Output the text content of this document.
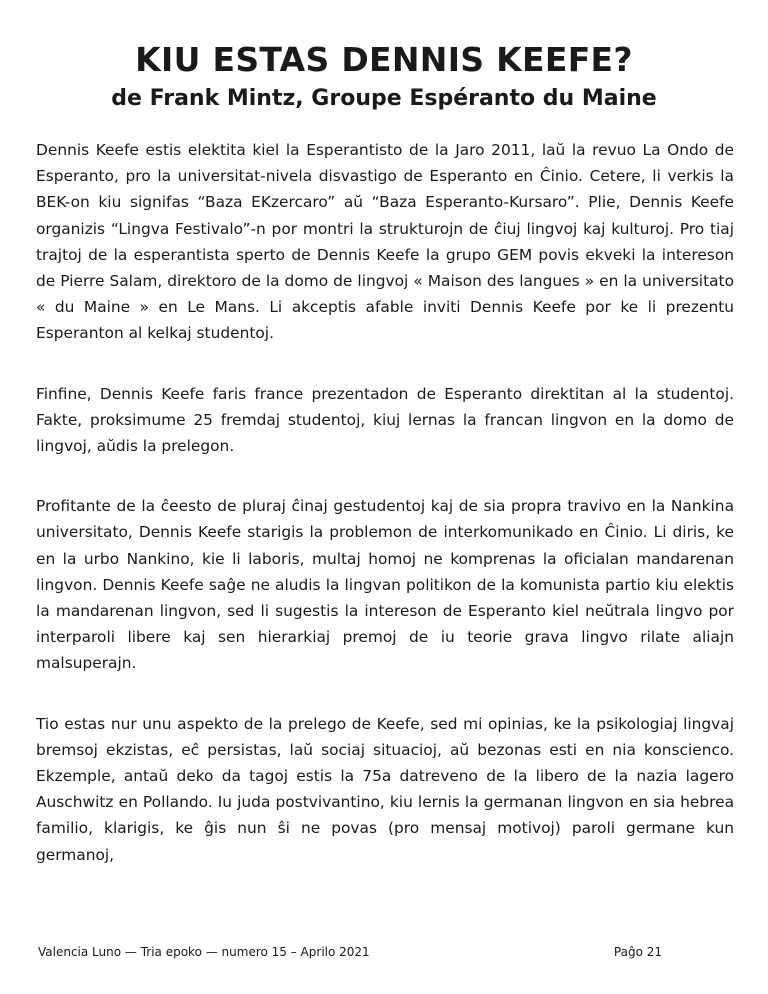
KIU ESTAS DENNIS KEEFE?
de Frank Mintz, Groupe Espéranto du Maine

Dennis Keefe estis elektita kiel la Esperantisto de la Jaro 2011, laŭ la revuo La Ondo de Esperanto, pro la universitat-nivela disvastigo de Esperanto en Ĉinio. Cetere, li verkis la BEK-on kiu signifas “Baza EKzercaro” aŭ “Baza Esperanto-Kursaro”. Plie, Dennis Keefe organizis “Lingva Festivalo”-n por montri la strukturojn de ĉiuj lingvoj kaj kulturoj. Pro tiaj trajtoj de la esperantista sperto de Dennis Keefe la grupo GEM povis ekveki la intereson de Pierre Salam, direktoro de la domo de lingvoj « Maison des langues » en la universitato « du Maine » en Le Mans. Li akceptis afable inviti Dennis Keefe por ke li prezentu Esperanton al kelkaj studentoj.

Finfine, Dennis Keefe faris france prezentadon de Esperanto direktitan al la studentoj. Fakte, proksimume 25 fremdaj studentoj, kiuj lernas la francan lingvon en la domo de lingvoj, aŭdis la prelegon.

Profitante de la ĉeesto de pluraj ĉinaj gestudentoj kaj de sia propra travivo en la Nankina universitato, Dennis Keefe starigis la problemon de interkomunikado en Ĉinio. Li diris, ke en la urbo Nankino, kie li laboris, multaj homoj ne komprenas la oficialan mandarenan lingvon. Dennis Keefe saĝe ne aludis la lingvan politikon de la komunista partio kiu elektis la mandarenan lingvon, sed li sugestis la intereson de Esperanto kiel neŭtrala lingvo por interparoli libere kaj sen hierarkiaj premoj de iu teorie grava lingvo rilate aliajn malsuperajn.

Tio estas nur unu aspekto de la prelego de Keefe, sed mi opinias, ke la psikologiaj lingvaj bremsoj ekzistas, eĉ persistas, laŭ sociaj situacioj, aŭ bezonas esti en nia konscienco. Ekzemple, antaŭ deko da tagoj estis la 75a datreveno de la libero de la nazia lagero Auschwitz en Pollando. Iu juda postvivantino, kiu lernis la germanan lingvon en sia hebrea familio, klarigis, ke ĝis nun ŝi ne povas (pro mensaj motivoj) paroli germane kun germanoj,

Valencia Luno — Tria epoko — numero 15 – Aprilo 2021	Paĝo 21
